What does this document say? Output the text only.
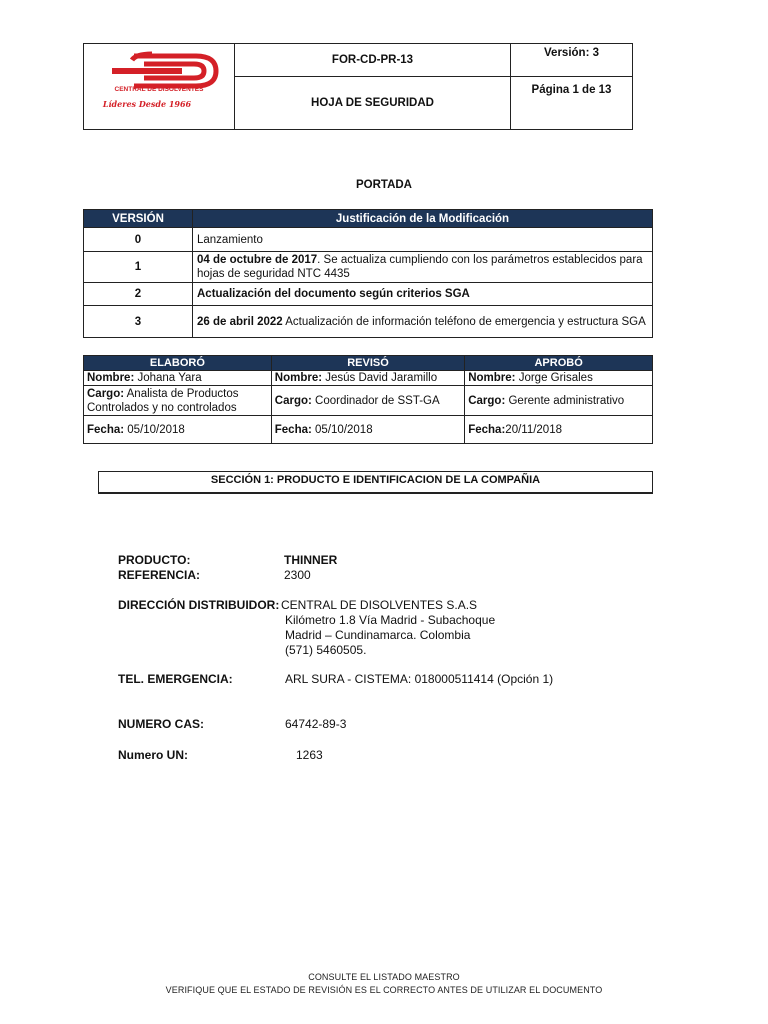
CENTRAL DE DISOLVENTES
Líderes Desde 1966	FOR-CD-PR-13	Versión: 3
	HOJA DE SEGURIDAD	Página 1 de 13
PORTADA
VERSIÓN	Justificación de la Modificación
0	Lanzamiento
1	04 de octubre de 2017. Se actualiza cumpliendo con los parámetros establecidos para hojas de seguridad NTC 4435
2	Actualización del documento según criterios SGA
3	26 de abril 2022 Actualización de información teléfono de emergencia y estructura SGA
ELABORÓ	REVISÓ	APROBÓ
Nombre: Johana Yara	Nombre: Jesús David Jaramillo	Nombre: Jorge Grisales
Cargo: Analista de Productos Controlados y no controlados	Cargo: Coordinador de SST-GA	Cargo: Gerente administrativo
Fecha: 05/10/2018	Fecha: 05/10/2018	Fecha:20/11/2018
SECCIÓN 1: PRODUCTO E IDENTIFICACION DE LA COMPAÑIA
PRODUCTO:	THINNER
REFERENCIA:	2300
DIRECCIÓN DISTRIBUIDOR: CENTRAL DE DISOLVENTES S.A.S
Kilómetro 1.8 Vía Madrid - Subachoque
Madrid – Cundinamarca. Colombia
(571) 5460505.
TEL. EMERGENCIA:	ARL SURA - CISTEMA: 018000511414 (Opción 1)
NUMERO CAS:	64742-89-3
Numero UN:	1263
CONSULTE EL LISTADO MAESTRO
VERIFIQUE QUE EL ESTADO DE REVISIÓN ES EL CORRECTO ANTES DE UTILIZAR EL DOCUMENTO
